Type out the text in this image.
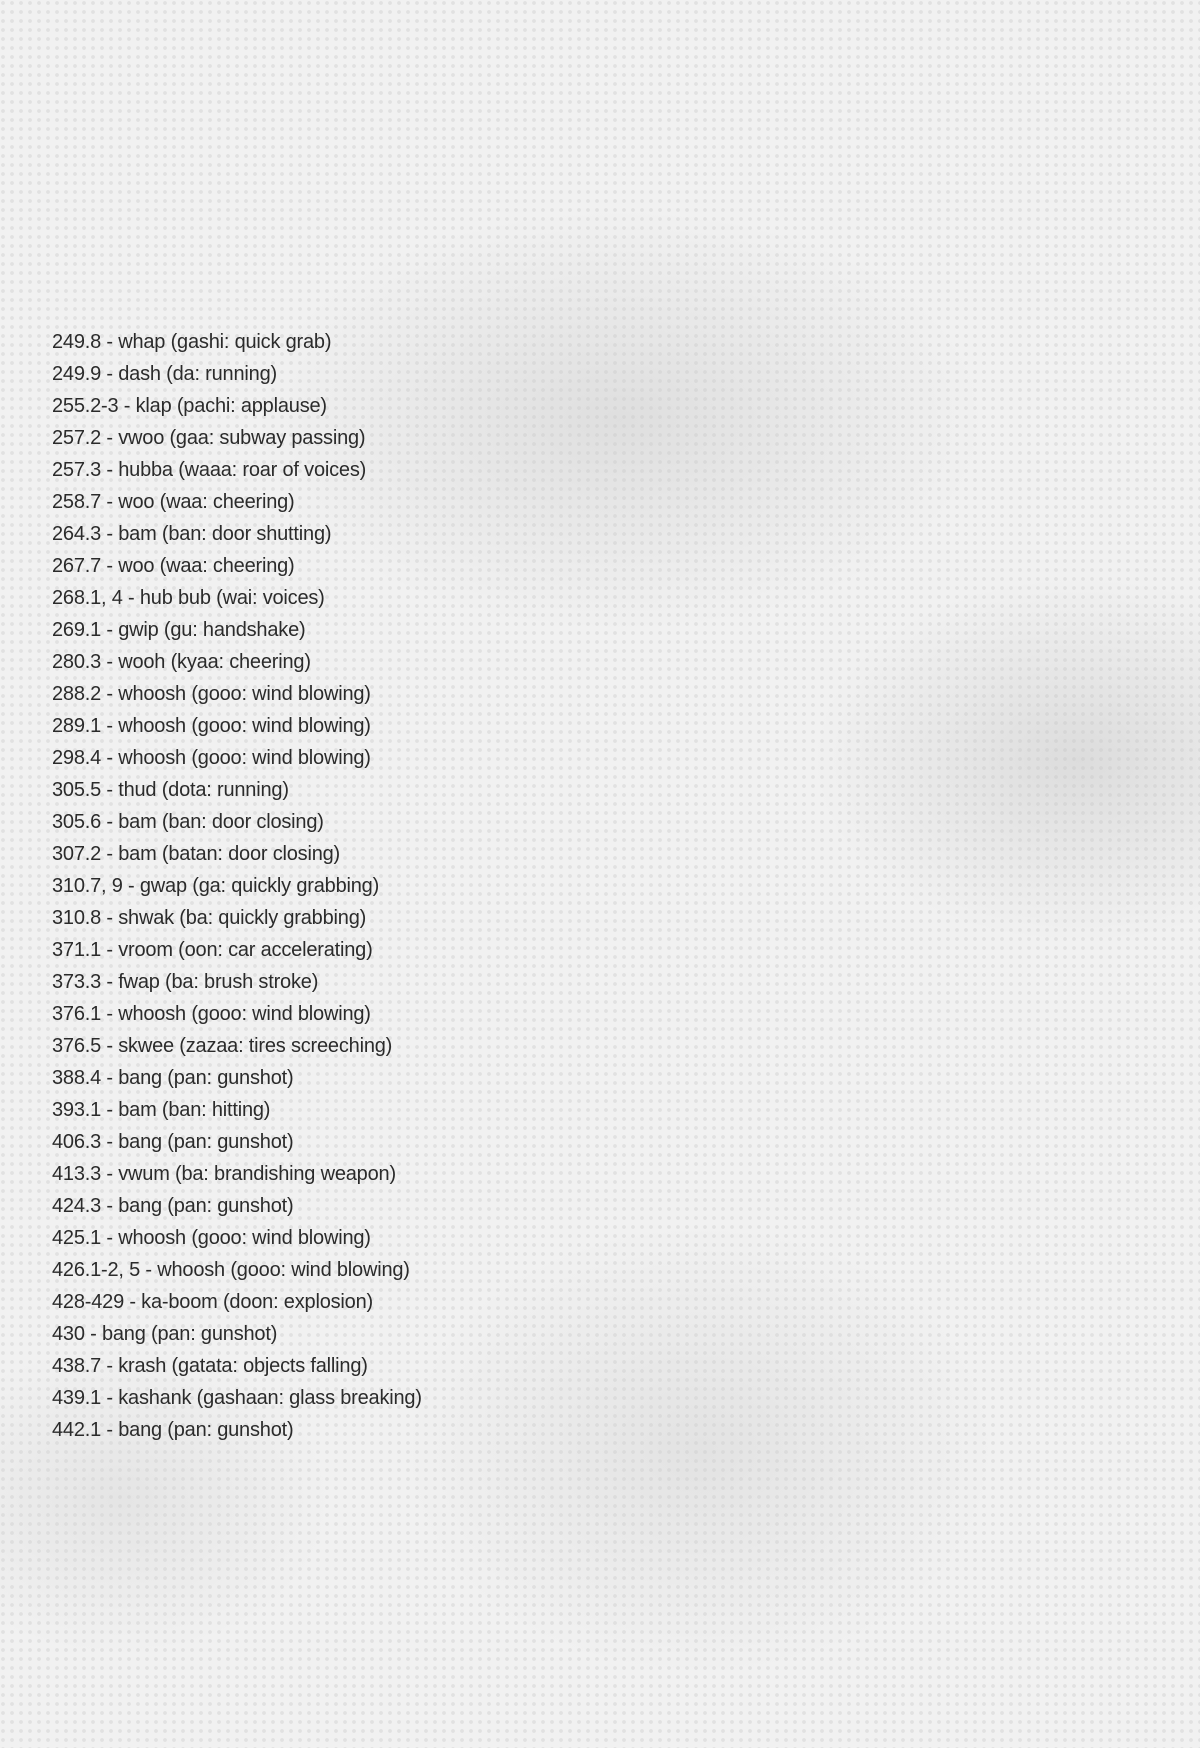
249.8 - whap (gashi: quick grab)
249.9 - dash (da: running)
255.2-3 - klap (pachi: applause)
257.2 - vwoo (gaa: subway passing)
257.3 - hubba (waaa: roar of voices)
258.7 - woo (waa: cheering)
264.3 - bam (ban: door shutting)
267.7 - woo (waa: cheering)
268.1, 4 - hub bub (wai: voices)
269.1 - gwip (gu: handshake)
280.3 - wooh (kyaa: cheering)
288.2 - whoosh (gooo: wind blowing)
289.1 - whoosh (gooo: wind blowing)
298.4 - whoosh (gooo: wind blowing)
305.5 - thud (dota: running)
305.6 - bam (ban: door closing)
307.2 - bam (batan: door closing)
310.7, 9 - gwap (ga: quickly grabbing)
310.8 - shwak (ba: quickly grabbing)
371.1 - vroom (oon: car accelerating)
373.3 - fwap (ba: brush stroke)
376.1 - whoosh (gooo: wind blowing)
376.5 - skwee (zazaa: tires screeching)
388.4 - bang (pan: gunshot)
393.1 - bam (ban: hitting)
406.3 - bang (pan: gunshot)
413.3 - vwum (ba: brandishing weapon)
424.3 - bang (pan: gunshot)
425.1 - whoosh (gooo: wind blowing)
426.1-2, 5 - whoosh (gooo: wind blowing)
428-429 - ka-boom (doon: explosion)
430 - bang (pan: gunshot)
438.7 - krash (gatata: objects falling)
439.1 - kashank (gashaan: glass breaking)
442.1 - bang (pan: gunshot)
